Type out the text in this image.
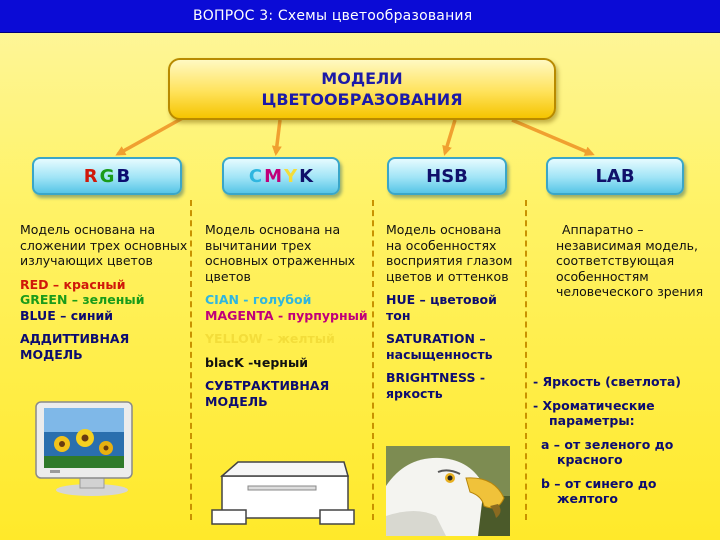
ВОПРОС 3: Схемы цветообразования
МОДЕЛИ
ЦВЕТООБРАЗОВАНИЯ
R G B	C M Y K	HSB	LAB

Модель основана на сложении трех основных излучающих цветов

RED – красный
GREEN – зеленый

BLUE – синий

АДДИТТИВНАЯ МОДЕЛЬ

Модель основана на вычитании трех основных отраженных цветов

CIAN - голубой

MAGENTA - пурпурный

YELLOW – желтый

blacK -черный

СУБТРАКТИВНАЯ МОДЕЛЬ

Модель основана на особенностях восприятия глазом цветов и оттенков

HUE – цветовой тон

SATURATION – насыщенность

BRIGHTNESS - яркость

Аппаратно – независимая модель, соответствующая особенностям человеческого зрения

- Яркость (светлота)

- Хроматические параметры:

a – от зеленого до красного

b – от синего до желтого
